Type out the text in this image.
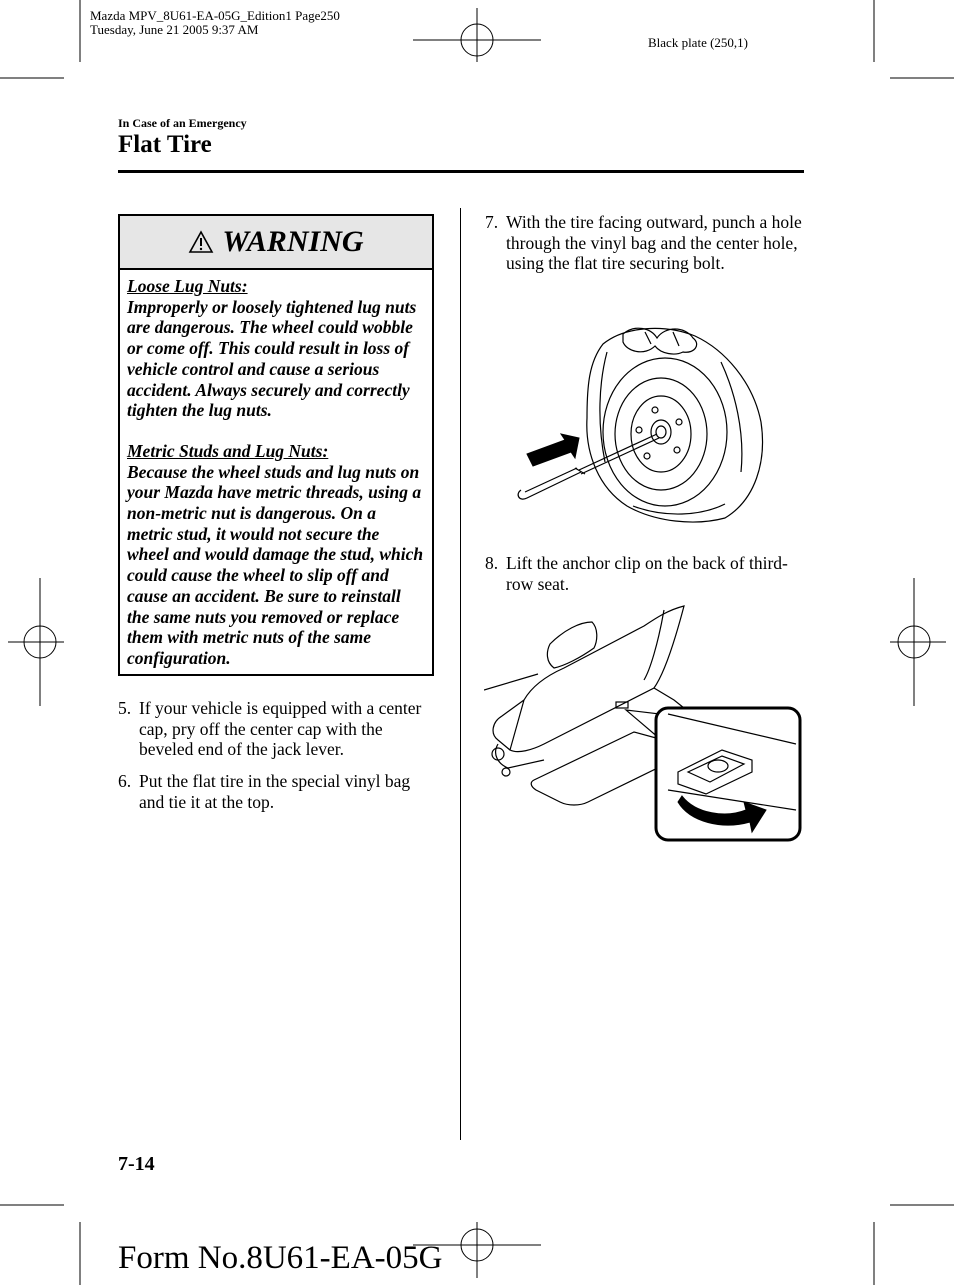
Mazda MPV_8U61-EA-05G_Edition1 Page250
Tuesday, June 21 2005 9:37 AM
Black plate (250,1)
In Case of an Emergency
Flat Tire
WARNING

Loose Lug Nuts:
Improperly or loosely tightened lug nuts are dangerous. The wheel could wobble or come off. This could result in loss of vehicle control and cause a serious accident. Always securely and correctly tighten the lug nuts.

Metric Studs and Lug Nuts:
Because the wheel studs and lug nuts on your Mazda have metric threads, using a non-metric nut is dangerous. On a metric stud, it would not secure the wheel and would damage the stud, which could cause the wheel to slip off and cause an accident. Be sure to reinstall the same nuts you removed or replace them with metric nuts of the same configuration.

5. If your vehicle is equipped with a center cap, pry off the center cap with the beveled end of the jack lever.
6. Put the flat tire in the special vinyl bag and tie it at the top.
7. With the tire facing outward, punch a hole through the vinyl bag and the center hole, using the flat tire securing bolt.
8. Lift the anchor clip on the back of third-row seat.
7-14
Form No.8U61-EA-05G
